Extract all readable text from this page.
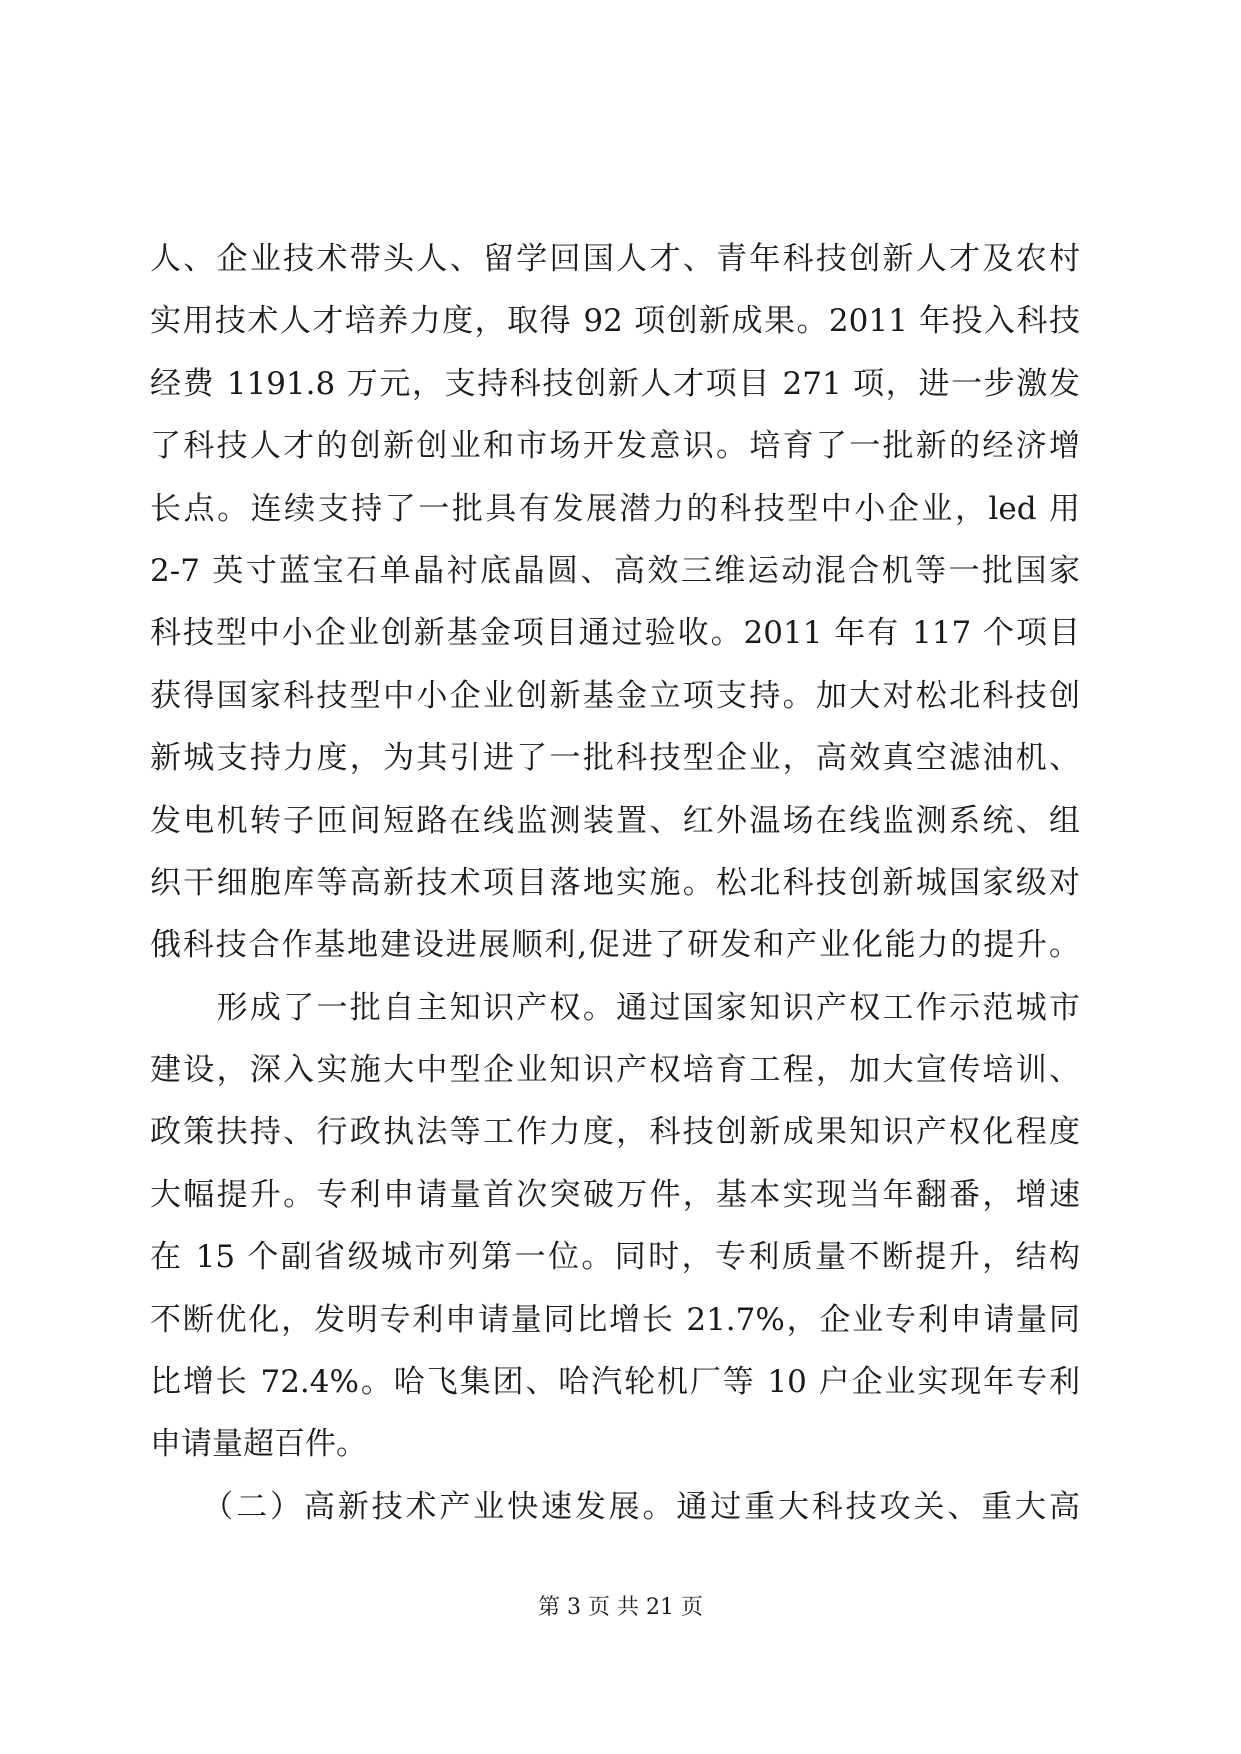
人、企业技术带头人、留学回国人才、青年科技创新人才及农村
实用技术人才培养力度，取得 92 项创新成果。2011 年投入科技
经费 1191.8 万元，支持科技创新人才项目 271 项，进一步激发
了科技人才的创新创业和市场开发意识。培育了一批新的经济增
长点。连续支持了一批具有发展潜力的科技型中小企业，led 用
2-7 英寸蓝宝石单晶衬底晶圆、高效三维运动混合机等一批国家
科技型中小企业创新基金项目通过验收。2011 年有 117 个项目
获得国家科技型中小企业创新基金立项支持。加大对松北科技创
新城支持力度，为其引进了一批科技型企业，高效真空滤油机、
发电机转子匝间短路在线监测装置、红外温场在线监测系统、组
织干细胞库等高新技术项目落地实施。松北科技创新城国家级对
俄科技合作基地建设进展顺利,促进了研发和产业化能力的提升。
　　形成了一批自主知识产权。通过国家知识产权工作示范城市
建设，深入实施大中型企业知识产权培育工程，加大宣传培训、
政策扶持、行政执法等工作力度，科技创新成果知识产权化程度
大幅提升。专利申请量首次突破万件，基本实现当年翻番，增速
在 15 个副省级城市列第一位。同时，专利质量不断提升，结构
不断优化，发明专利申请量同比增长 21.7%，企业专利申请量同
比增长 72.4%。哈飞集团、哈汽轮机厂等 10 户企业实现年专利
申请量超百件。
　　（二）高新技术产业快速发展。通过重大科技攻关、重大高
第 3 页 共 21 页
